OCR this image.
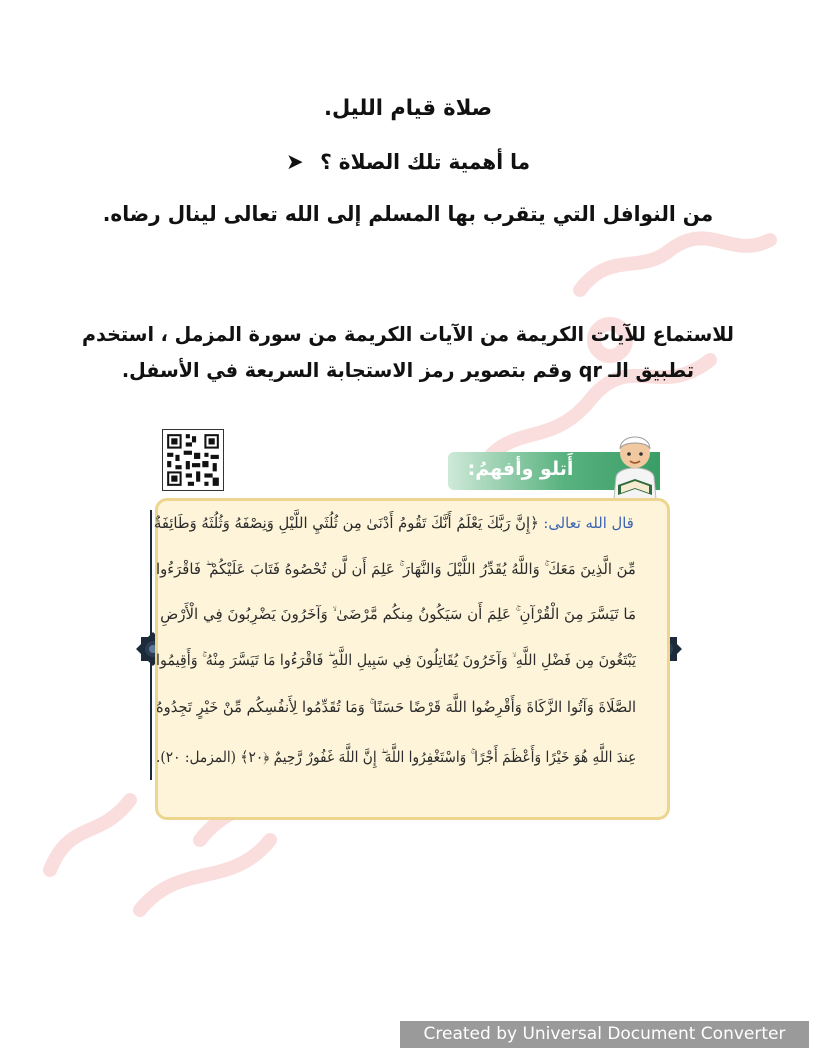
صلاة قيام الليل.
ما أهمية تلك الصلاة ؟ ➤
من النوافل التي يتقرب بها المسلم إلى الله تعالى لينال رضاه.
للاستماع للآيات الكريمة من الآيات الكريمة من سورة المزمل ، استخدم
تطبيق الـ qr وقم بتصوير رمز الاستجابة السريعة في الأسفل.
أَتلو وأفهمُ:
قال الله تعالى: ﴿إِنَّ رَبَّكَ يَعْلَمُ أَنَّكَ تَقُومُ أَدْنَىٰ مِن ثُلُثَيِ اللَّيْلِ وَنِصْفَهُ وَثُلُثَهُ وَطَائِفَةٌ
مِّنَ الَّذِينَ مَعَكَ ۚ وَاللَّهُ يُقَدِّرُ اللَّيْلَ وَالنَّهَارَ ۚ عَلِمَ أَن لَّن تُحْصُوهُ فَتَابَ عَلَيْكُمْ ۖ فَاقْرَءُوا
مَا تَيَسَّرَ مِنَ الْقُرْآنِ ۚ عَلِمَ أَن سَيَكُونُ مِنكُم مَّرْضَىٰ ۙ وَآخَرُونَ يَضْرِبُونَ فِي الْأَرْضِ
يَبْتَغُونَ مِن فَضْلِ اللَّهِ ۙ وَآخَرُونَ يُقَاتِلُونَ فِي سَبِيلِ اللَّهِ ۖ فَاقْرَءُوا مَا تَيَسَّرَ مِنْهُ ۚ وَأَقِيمُوا
الصَّلَاةَ وَآتُوا الزَّكَاةَ وَأَقْرِضُوا اللَّهَ قَرْضًا حَسَنًا ۚ وَمَا تُقَدِّمُوا لِأَنفُسِكُم مِّنْ خَيْرٍ تَجِدُوهُ
عِندَ اللَّهِ هُوَ خَيْرًا وَأَعْظَمَ أَجْرًا ۚ وَاسْتَغْفِرُوا اللَّهَ ۖ إِنَّ اللَّهَ غَفُورٌ رَّحِيمٌ ﴿٢٠﴾ (المزمل: ٢٠).
Created by Universal Document Converter
